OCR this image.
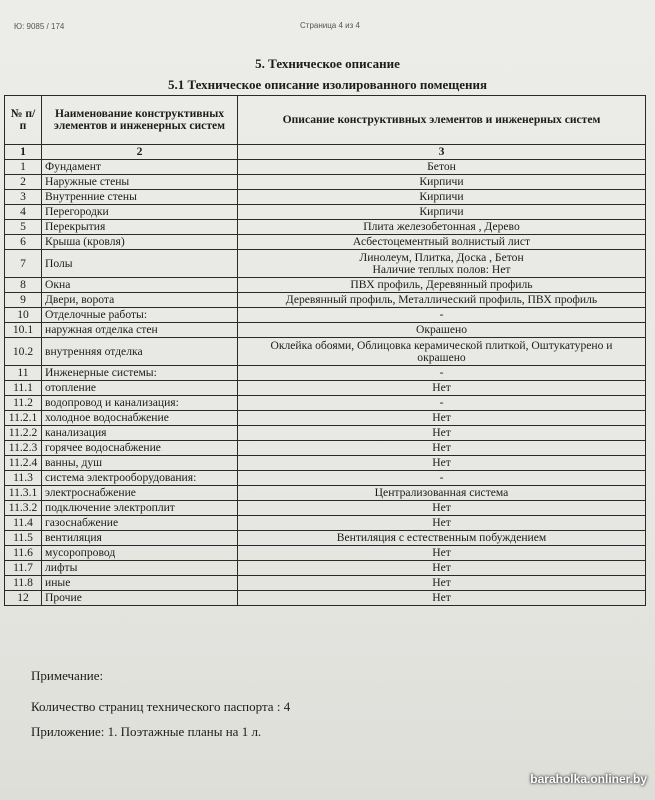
Ю: 9085 / 174	Страница 4 из 4
5. Техническое описание
5.1 Техническое описание изолированного помещения
№ п/п	Наименование конструктивных элементов и инженерных систем	Описание конструктивных элементов и инженерных систем
1	2	3
1	Фундамент	Бетон

2	Наружные стены	Кирпичи

3	Внутренние стены	Кирпичи

4	Перегородки	Кирпичи

5	Перекрытия	Плита железобетонная , Дерево

6	Крыша (кровля)	Асбестоцементный волнистый лист

7	Полы	Линолеум, Плитка, Доска , Бетон
Наличие теплых полов: Нет

8	Окна	ПВХ профиль, Деревянный профиль

9	Двери, ворота	Деревянный профиль, Металлический профиль, ПВХ профиль

10	Отделочные работы:	-

10.1	наружная отделка стен	Окрашено

10.2	внутренняя отделка	Оклейка обоями, Облицовка керамической плиткой, Оштукатурено и
окрашено

11	Инженерные системы:	-

11.1	отопление	Нет

11.2	водопровод и канализация:	-

11.2.1	холодное водоснабжение	Нет

11.2.2	канализация	Нет

11.2.3	горячее водоснабжение	Нет

11.2.4	ванны, душ	Нет

11.3	система электрооборудования:	-

11.3.1	электроснабжение	Централизованная система

11.3.2	подключение электроплит	Нет

11.4	газоснабжение	Нет

11.5	вентиляция	Вентиляция с естественным побуждением

11.6	мусоропровод	Нет

11.7	лифты	Нет

11.8	иные	Нет

12	Прочие	Нет
Примечание:
Количество страниц технического паспорта : 4
Приложение: 1. Поэтажные планы на 1 л.
baraholka.onliner.by
